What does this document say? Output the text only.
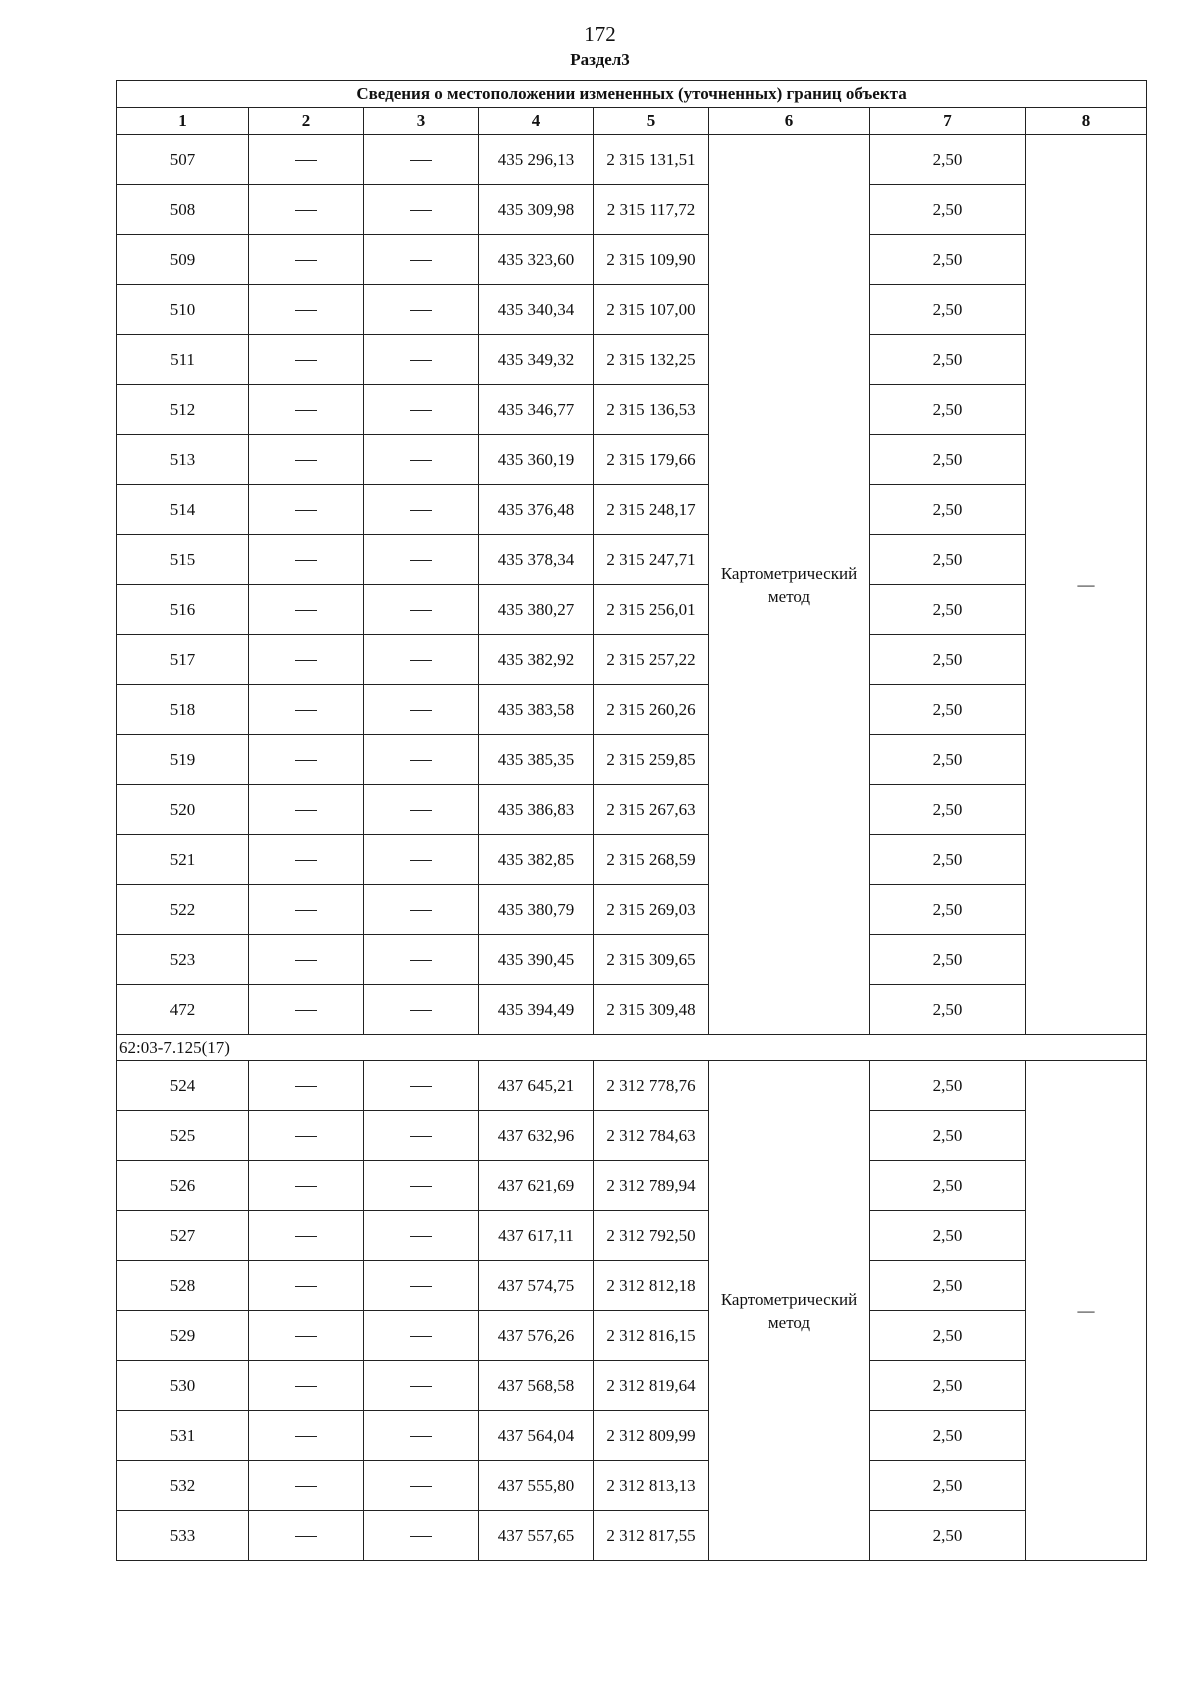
172
Раздел3
Сведения о местоположении измененных (уточненных) границ объекта							
1	2	3	4	5	6	7	8
507			435 296,13	2 315 131,51	Картометрический метод	2,50	—
508			435 309,98	2 315 117,72		2,50	
509			435 323,60	2 315 109,90		2,50	
510			435 340,34	2 315 107,00		2,50	
511			435 349,32	2 315 132,25		2,50	
512			435 346,77	2 315 136,53		2,50	
513			435 360,19	2 315 179,66		2,50	
514			435 376,48	2 315 248,17		2,50	
515			435 378,34	2 315 247,71		2,50	
516			435 380,27	2 315 256,01		2,50	
517			435 382,92	2 315 257,22		2,50	
518			435 383,58	2 315 260,26		2,50	
519			435 385,35	2 315 259,85		2,50	
520			435 386,83	2 315 267,63		2,50	
521			435 382,85	2 315 268,59		2,50	
522			435 380,79	2 315 269,03		2,50	
523			435 390,45	2 315 309,65		2,50	
472			435 394,49	2 315 309,48		2,50	
62:03-7.125(17)							
524			437 645,21	2 312 778,76	Картометрический метод	2,50	—
525			437 632,96	2 312 784,63		2,50	
526			437 621,69	2 312 789,94		2,50	
527			437 617,11	2 312 792,50		2,50	
528			437 574,75	2 312 812,18		2,50	
529			437 576,26	2 312 816,15		2,50	
530			437 568,58	2 312 819,64		2,50	
531			437 564,04	2 312 809,99		2,50	
532			437 555,80	2 312 813,13		2,50	
533			437 557,65	2 312 817,55		2,50	
